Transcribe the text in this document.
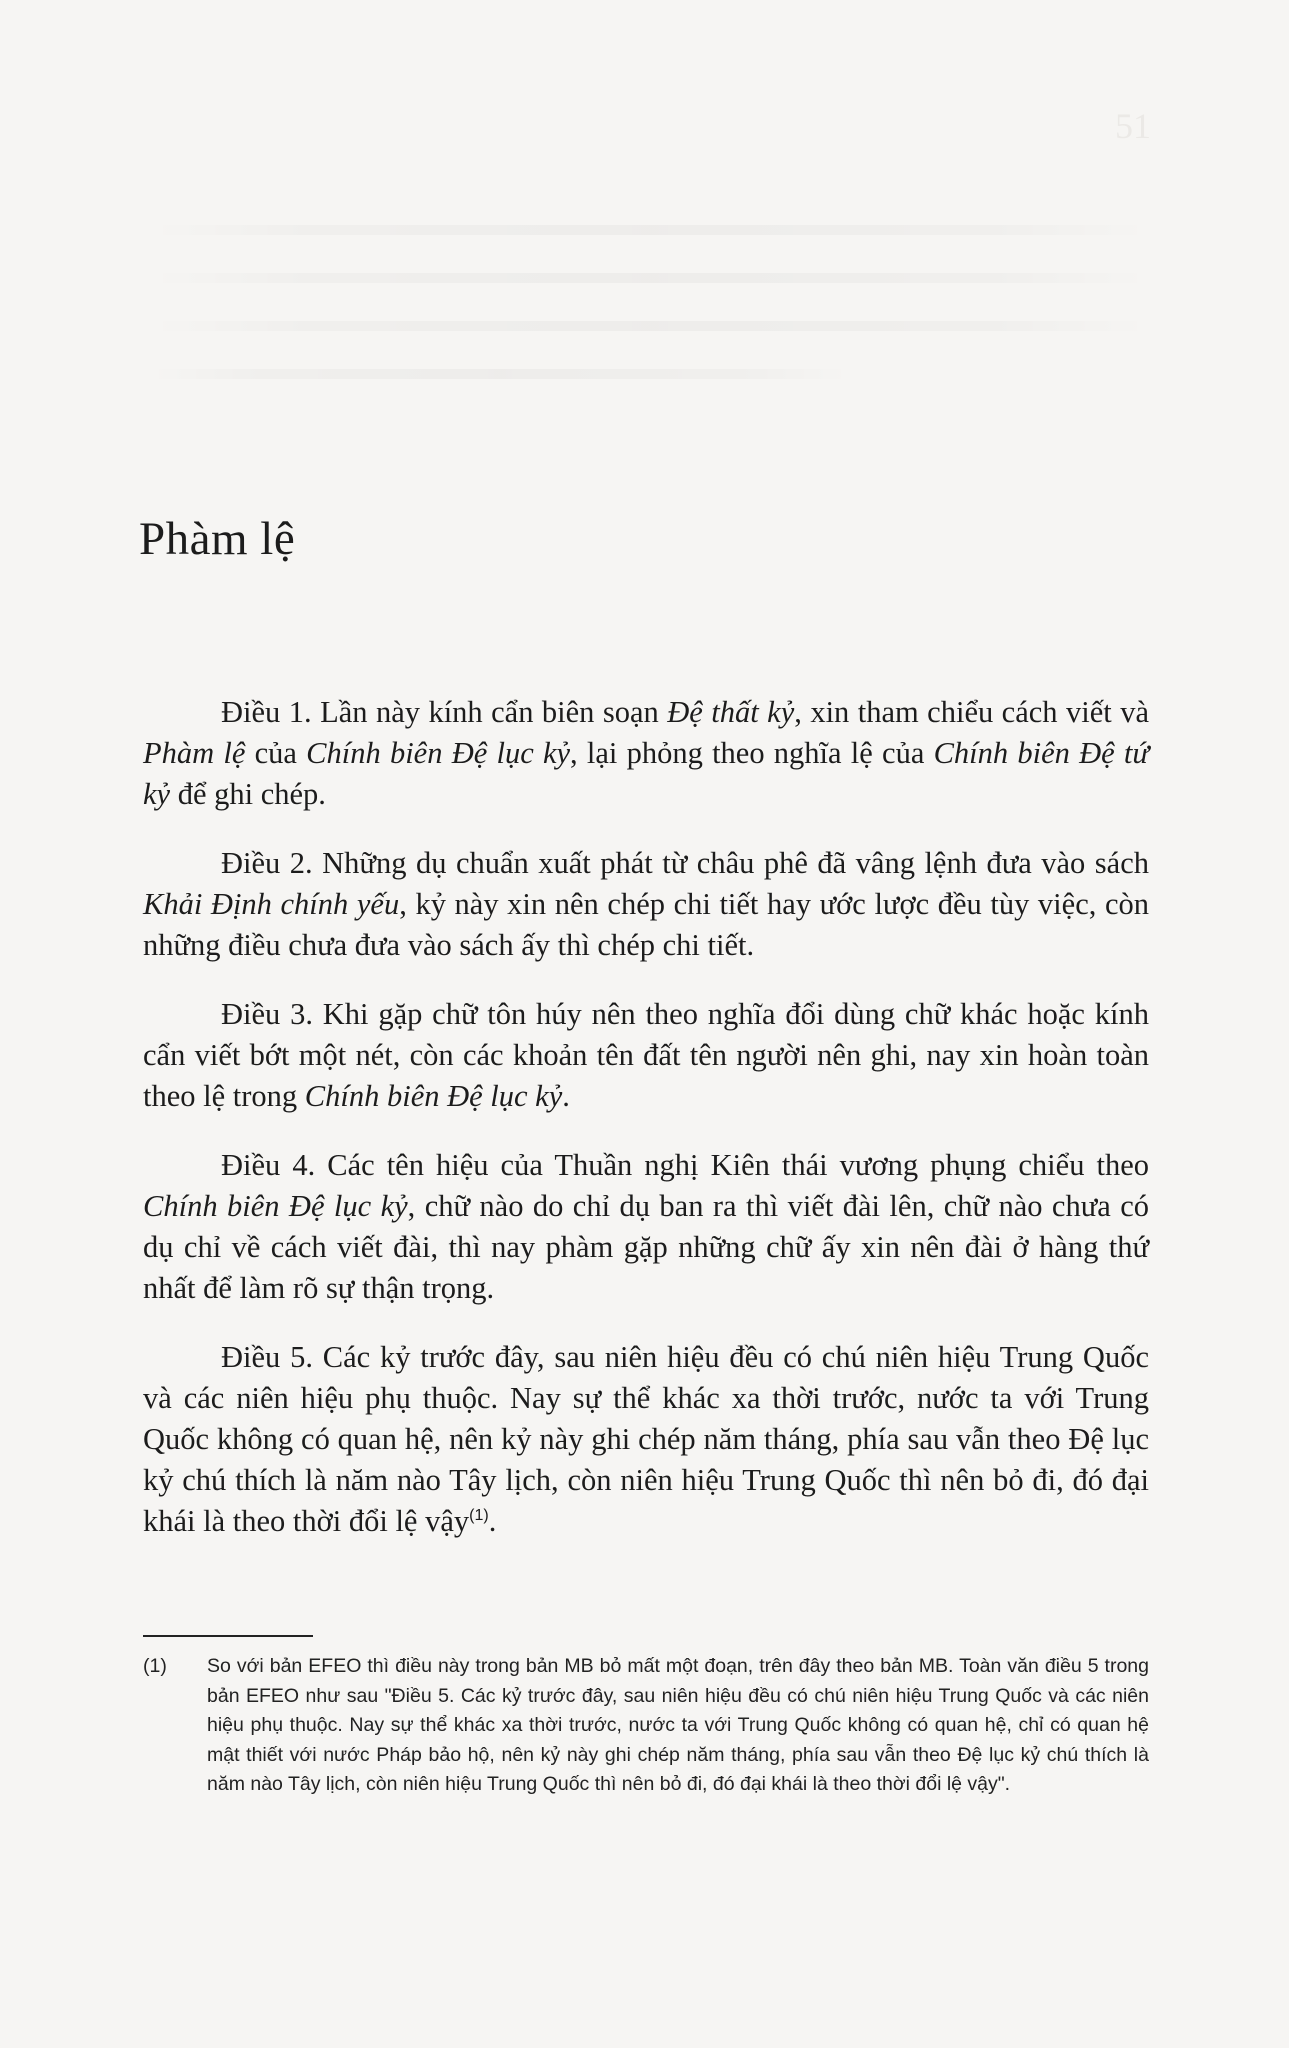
51
Phàm lệ

Điều 1. Lần này kính cẩn biên soạn Đệ thất kỷ, xin tham chiểu cách viết và Phàm lệ của Chính biên Đệ lục kỷ, lại phỏng theo nghĩa lệ của Chính biên Đệ tứ kỷ để ghi chép.

Điều 2. Những dụ chuẩn xuất phát từ châu phê đã vâng lệnh đưa vào sách Khải Định chính yếu, kỷ này xin nên chép chi tiết hay ước lược đều tùy việc, còn những điều chưa đưa vào sách ấy thì chép chi tiết.

Điều 3. Khi gặp chữ tôn húy nên theo nghĩa đổi dùng chữ khác hoặc kính cẩn viết bớt một nét, còn các khoản tên đất tên người nên ghi, nay xin hoàn toàn theo lệ trong Chính biên Đệ lục kỷ.

Điều 4. Các tên hiệu của Thuần nghị Kiên thái vương phụng chiểu theo Chính biên Đệ lục kỷ, chữ nào do chỉ dụ ban ra thì viết đài lên, chữ nào chưa có dụ chỉ về cách viết đài, thì nay phàm gặp những chữ ấy xin nên đài ở hàng thứ nhất để làm rõ sự thận trọng.

Điều 5. Các kỷ trước đây, sau niên hiệu đều có chú niên hiệu Trung Quốc và các niên hiệu phụ thuộc. Nay sự thể khác xa thời trước, nước ta với Trung Quốc không có quan hệ, nên kỷ này ghi chép năm tháng, phía sau vẫn theo Đệ lục kỷ chú thích là năm nào Tây lịch, còn niên hiệu Trung Quốc thì nên bỏ đi, đó đại khái là theo thời đổi lệ vậy$^{(1)}$.

(1)	So với bản EFEO thì điều này trong bản MB bỏ mất một đoạn, trên đây theo bản MB. Toàn văn điều 5 trong bản EFEO như sau "Điều 5. Các kỷ trước đây, sau niên hiệu đều có chú niên hiệu Trung Quốc và các niên hiệu phụ thuộc. Nay sự thể khác xa thời trước, nước ta với Trung Quốc không có quan hệ, chỉ có quan hệ mật thiết với nước Pháp bảo hộ, nên kỷ này ghi chép năm tháng, phía sau vẫn theo Đệ lục kỷ chú thích là năm nào Tây lịch, còn niên hiệu Trung Quốc thì nên bỏ đi, đó đại khái là theo thời đổi lệ vậy".
